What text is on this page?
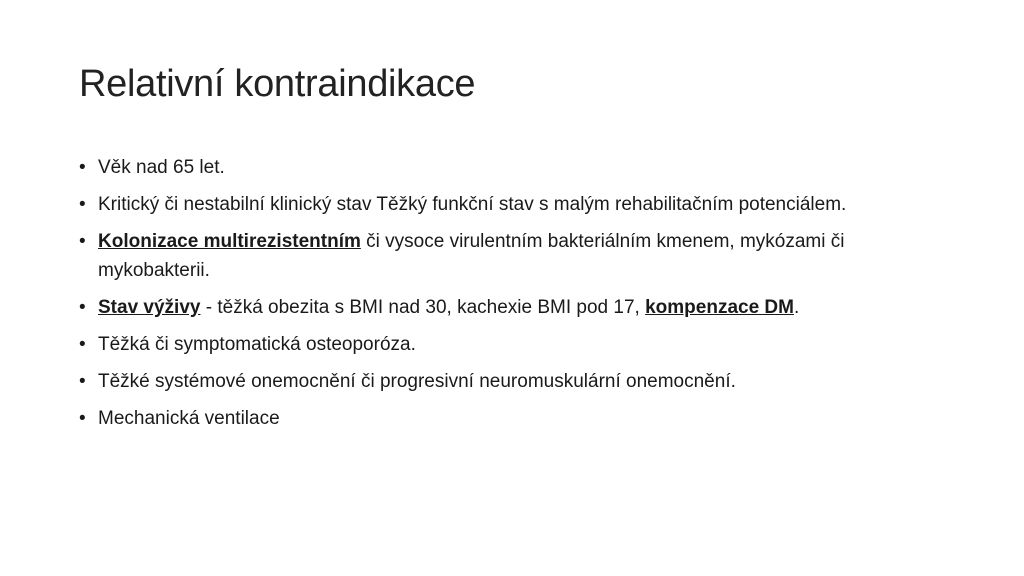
Relativní kontraindikace
• Věk nad 65 let.
• Kritický či nestabilní klinický stav Těžký funkční stav s malým rehabilitačním potenciálem.
• Kolonizace multirezistentním či vysoce virulentním bakteriálním kmenem, mykózami či mykobakterii.
• Stav výživy - těžká obezita s BMI nad 30, kachexie BMI pod 17, kompenzace DM.
• Těžká či symptomatická osteoporóza.
• Těžké systémové onemocnění či progresivní neuromuskulární onemocnění.
• Mechanická ventilace
